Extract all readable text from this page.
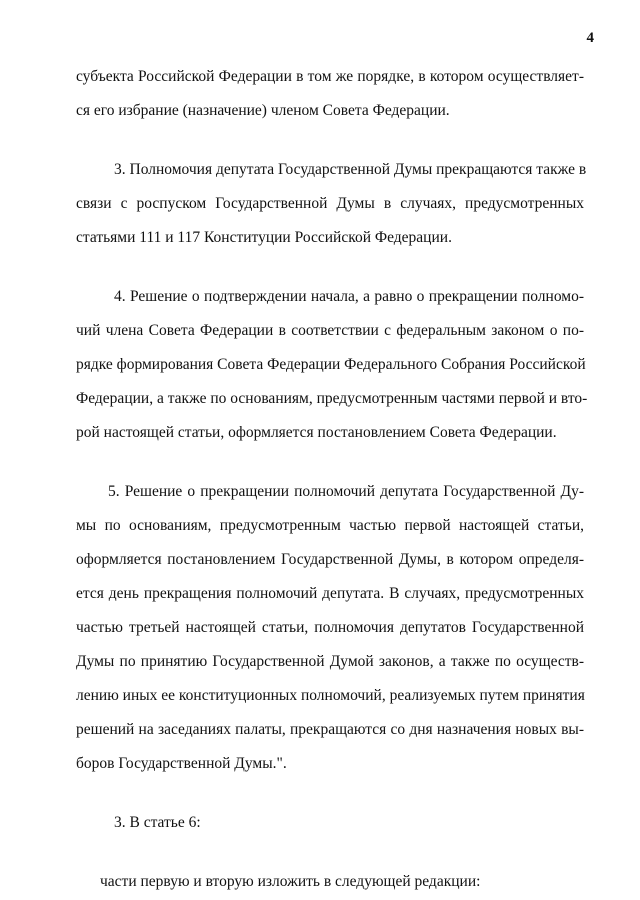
4
субъекта Российской Федерации в том же порядке, в котором осуществляет-
ся его избрание (назначение) членом Совета Федерации.
3. Полномочия депутата Государственной Думы прекращаются также в
связи с роспуском Государственной Думы в случаях, предусмотренных
статьями 111 и 117 Конституции Российской Федерации.
4. Решение о подтверждении начала, а равно о прекращении полномо-
чий члена Совета Федерации в соответствии с федеральным законом о по-
рядке формирования Совета Федерации Федерального Собрания Российской
Федерации, а также по основаниям, предусмотренным частями первой и вто-
рой настоящей статьи, оформляется постановлением Совета Федерации.
5. Решение о прекращении полномочий депутата Государственной Ду-
мы по основаниям, предусмотренным частью первой настоящей статьи,
оформляется постановлением Государственной Думы, в котором определя-
ется день прекращения полномочий депутата. В случаях, предусмотренных
частью третьей настоящей статьи, полномочия депутатов Государственной
Думы по принятию Государственной Думой законов, а также по осуществ-
лению иных ее конституционных полномочий, реализуемых путем принятия
решений на заседаниях палаты, прекращаются со дня назначения новых вы-
боров Государственной Думы.".
3. В статье 6:
части первую и вторую изложить в следующей редакции:
